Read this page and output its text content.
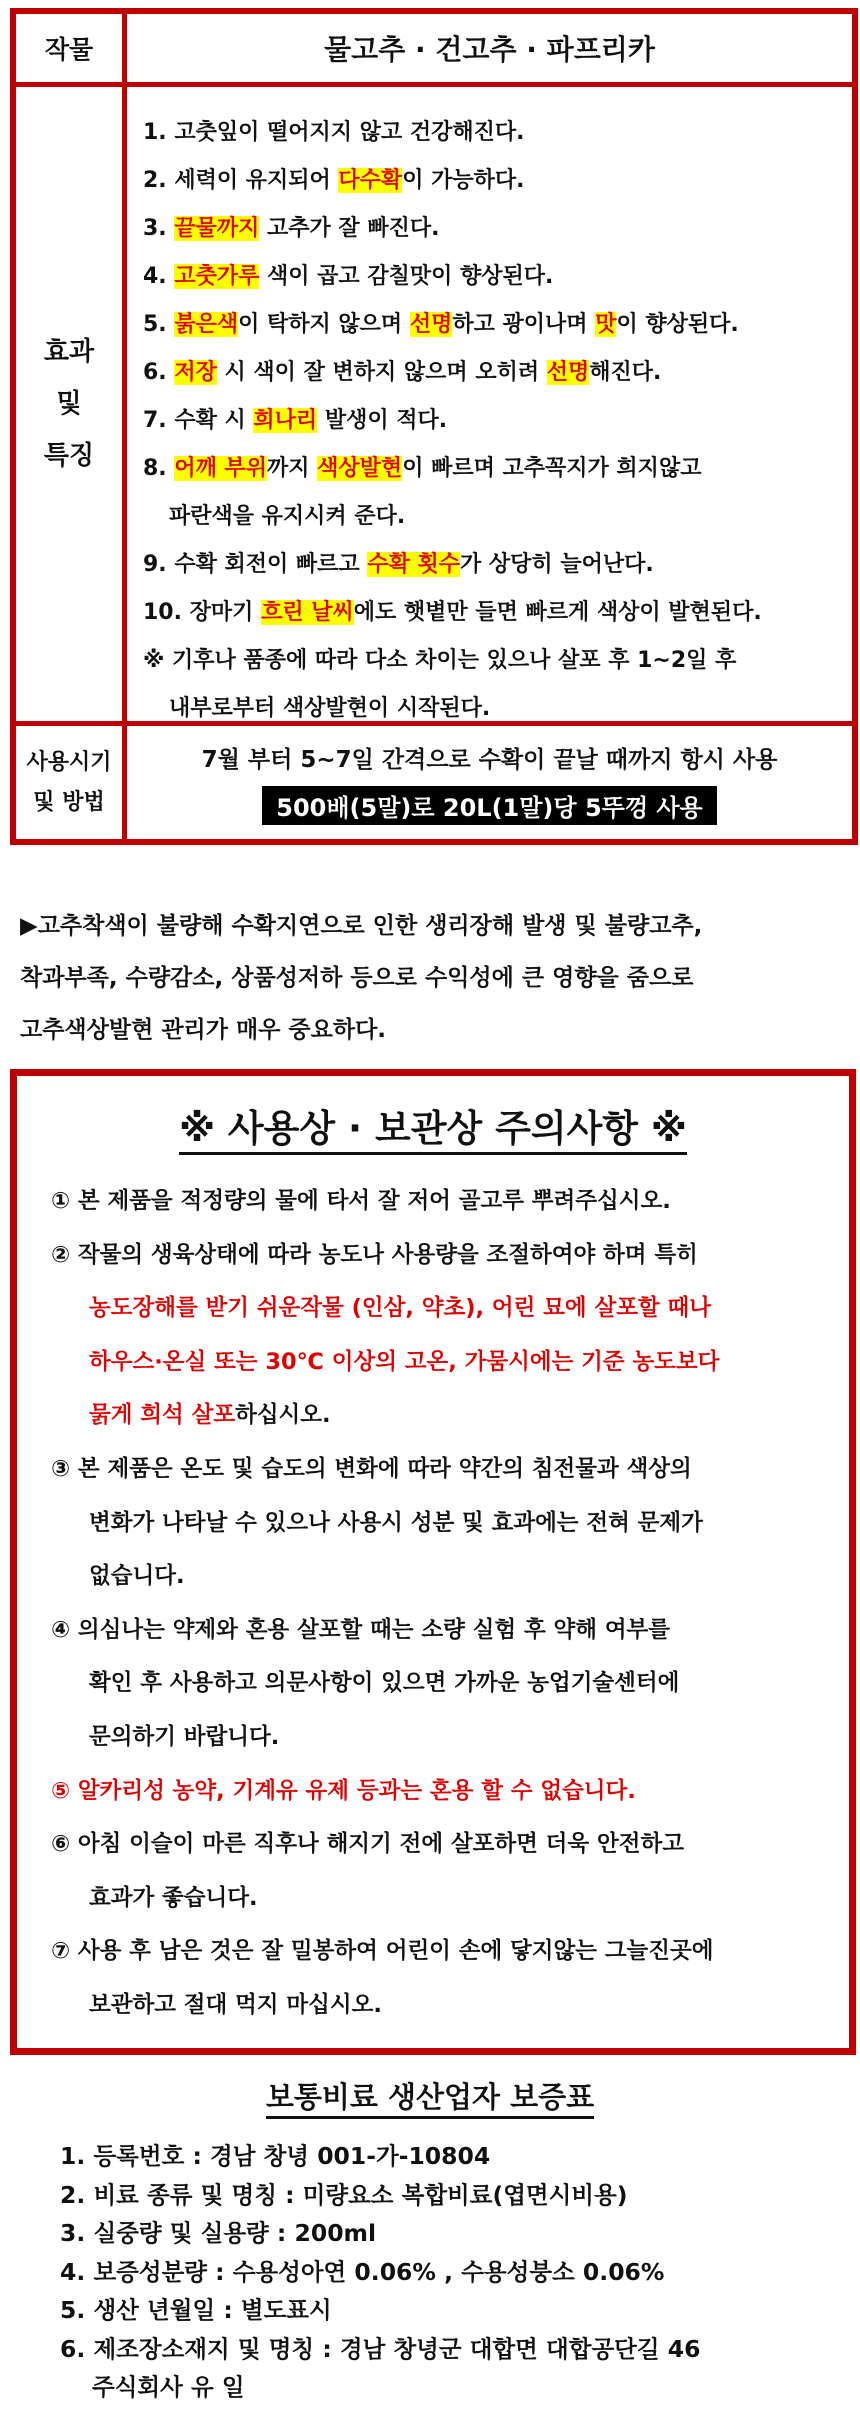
작물	물고추 · 건고추 · 파프리카
효과
및
특징
1. 고춧잎이 떨어지지 않고 건강해진다.
2. 세력이 유지되어 다수확이 가능하다.
3. 끝물까지 고추가 잘 빠진다.
4. 고춧가루 색이 곱고 감칠맛이 향상된다.
5. 붉은색이 탁하지 않으며 선명하고 광이나며 맛이 향상된다.
6. 저장 시 색이 잘 변하지 않으며 오히려 선명해진다.
7. 수확 시 희나리 발생이 적다.
8. 어깨 부위까지 색상발현이 빠르며 고추꼭지가 희지않고
파란색을 유지시켜 준다.
9. 수확 회전이 빠르고 수확 횟수가 상당히 늘어난다.
10. 장마기 흐린 날씨에도 햇볕만 들면 빠르게 색상이 발현된다.
※ 기후나 품종에 따라 다소 차이는 있으나 살포 후 1~2일 후
내부로부터 색상발현이 시작된다.
사용시기
및 방법
7월 부터 5~7일 간격으로 수확이 끝날 때까지 항시 사용
500배(5말)로 20L(1말)당 5뚜껑 사용
▶고추착색이 불량해 수확지연으로 인한 생리장해 발생 및 불량고추,
착과부족, 수량감소, 상품성저하 등으로 수익성에 큰 영향을 줌으로
고추색상발현 관리가 매우 중요하다.
※ 사용상 · 보관상 주의사항 ※
① 본 제품을 적정량의 물에 타서 잘 저어 골고루 뿌려주십시오.
② 작물의 생육상태에 따라 농도나 사용량을 조절하여야 하며 특히
농도장해를 받기 쉬운작물 (인삼, 약초), 어린 묘에 살포할 때나
하우스·온실 또는 30℃ 이상의 고온, 가뭄시에는 기준 농도보다
묽게 희석 살포하십시오.
③ 본 제품은 온도 및 습도의 변화에 따라 약간의 침전물과 색상의
변화가 나타날 수 있으나 사용시 성분 및 효과에는 전혀 문제가
없습니다.
④ 의심나는 약제와 혼용 살포할 때는 소량 실험 후 약해 여부를
확인 후 사용하고 의문사항이 있으면 가까운 농업기술센터에
문의하기 바랍니다.
⑤ 알카리성 농약, 기계유 유제 등과는 혼용 할 수 없습니다.
⑥ 아침 이슬이 마른 직후나 해지기 전에 살포하면 더욱 안전하고
효과가 좋습니다.
⑦ 사용 후 남은 것은 잘 밀봉하여 어린이 손에 닿지않는 그늘진곳에
보관하고 절대 먹지 마십시오.
보통비료 생산업자 보증표
1. 등록번호 : 경남 창녕 001-가-10804
2. 비료 종류 및 명칭 : 미량요소 복합비료(엽면시비용)
3. 실중량 및 실용량 : 200ml
4. 보증성분량 : 수용성아연 0.06% , 수용성붕소 0.06%
5. 생산 년월일 : 별도표시
6. 제조장소재지 및 명칭 : 경남 창녕군 대합면 대합공단길 46
주식회사 유 일
